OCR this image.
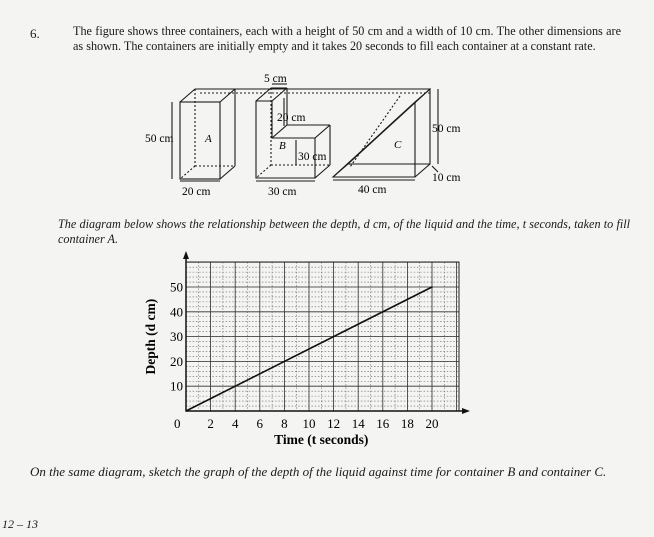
6.	The figure shows three containers, each with a height of 50 cm and a width of 10 cm. The other dimensions are as shown. The containers are initially empty and it takes 20 seconds to fill each container at a constant rate.
5 cm
50 cm	A
20 cm
B
30 cm
50 cm
C
10 cm
20 cm	30 cm	40 cm
The diagram below shows the relationship between the depth, d cm, of the liquid and the time, t seconds, taken to fill container A.
0 2 4 6 8 10 12 14 16 18 20
10
20
30
40
50
Time (t seconds)
Depth (d cm)
On the same diagram, sketch the graph of the depth of the liquid against time for container B and container C.
12 – 13
